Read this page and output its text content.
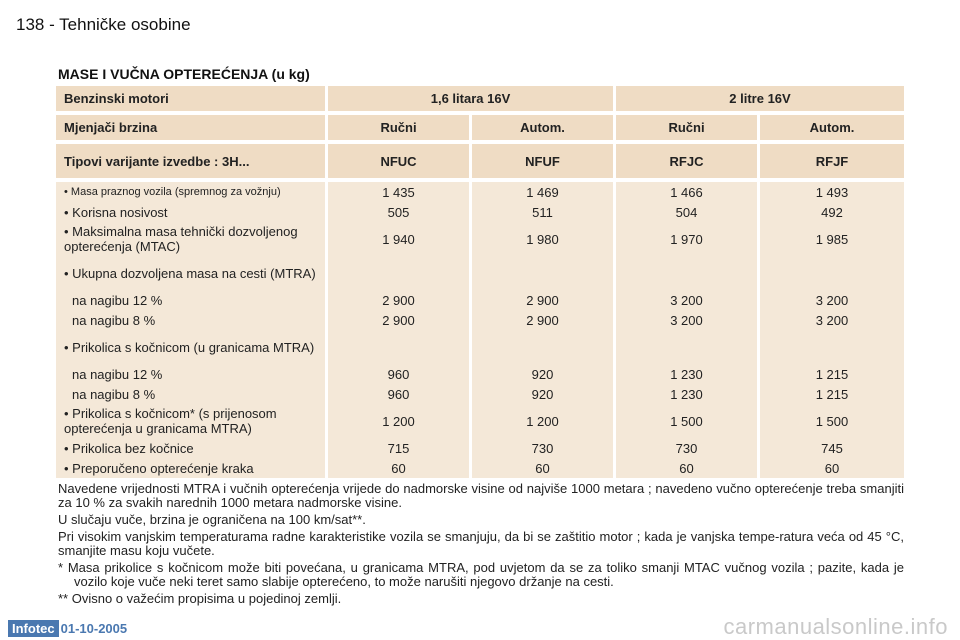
138 - Tehničke osobine
MASE I VUČNA OPTEREĆENJA (u kg)
Benzinski motori	1,6 litara 16V		2 litre 16V	

Mjenjači brzina	Ručni	Autom.	Ručni	Autom.

Tipovi varijante izvedbe : 3H...	NFUC	NFUF	RFJC	RFJF

• Masa praznog vozila (spremnog za vožnju)	1 435	1 469	1 466	1 493
• Korisna nosivost	505	511	504	492
• Maksimalna masa tehnički dozvoljenog opterećenja (MTAC)	1 940	1 980	1 970	1 985
• Ukupna dozvoljena masa na cesti (MTRA)				
na nagibu 12 %	2 900	2 900	3 200	3 200
na nagibu 8 %	2 900	2 900	3 200	3 200
• Prikolica s kočnicom (u granicama MTRA)				
na nagibu 12 %	960	920	1 230	1 215
na nagibu 8 %	960	920	1 230	1 215
• Prikolica s kočnicom* (s prijenosom opterećenja u granicama MTRA)	1 200	1 200	1 500	1 500
• Prikolica bez kočnice	715	730	730	745
• Preporučeno opterećenje kraka	60	60	60	60

Navedene vrijednosti MTRA i vučnih opterećenja vrijede do nadmorske visine od najviše 1000 metara ; navedeno vučno opterećenje treba smanjiti za 10 % za svakih narednih 1000 metara nadmorske visine.

U slučaju vuče, brzina je ograničena na 100 km/sat**.

Pri visokim vanjskim temperaturama radne karakteristike vozila se smanjuju, da bi se zaštitio motor ; kada je vanjska tempe-ratura veća od 45 °C, smanjite masu koju vučete.

* Masa prikolice s kočnicom može biti povećana, u granicama MTRA, pod uvjetom da se za toliko smanji MTAC vučnog vozila ; pazite, kada je vozilo koje vuče neki teret samo slabije opterećeno, to može narušiti njegovo držanje na cesti.

** Ovisno o važećim propisima u pojedinoj zemlji.

Infotec 01-10-2005	carmanualsonline.info
